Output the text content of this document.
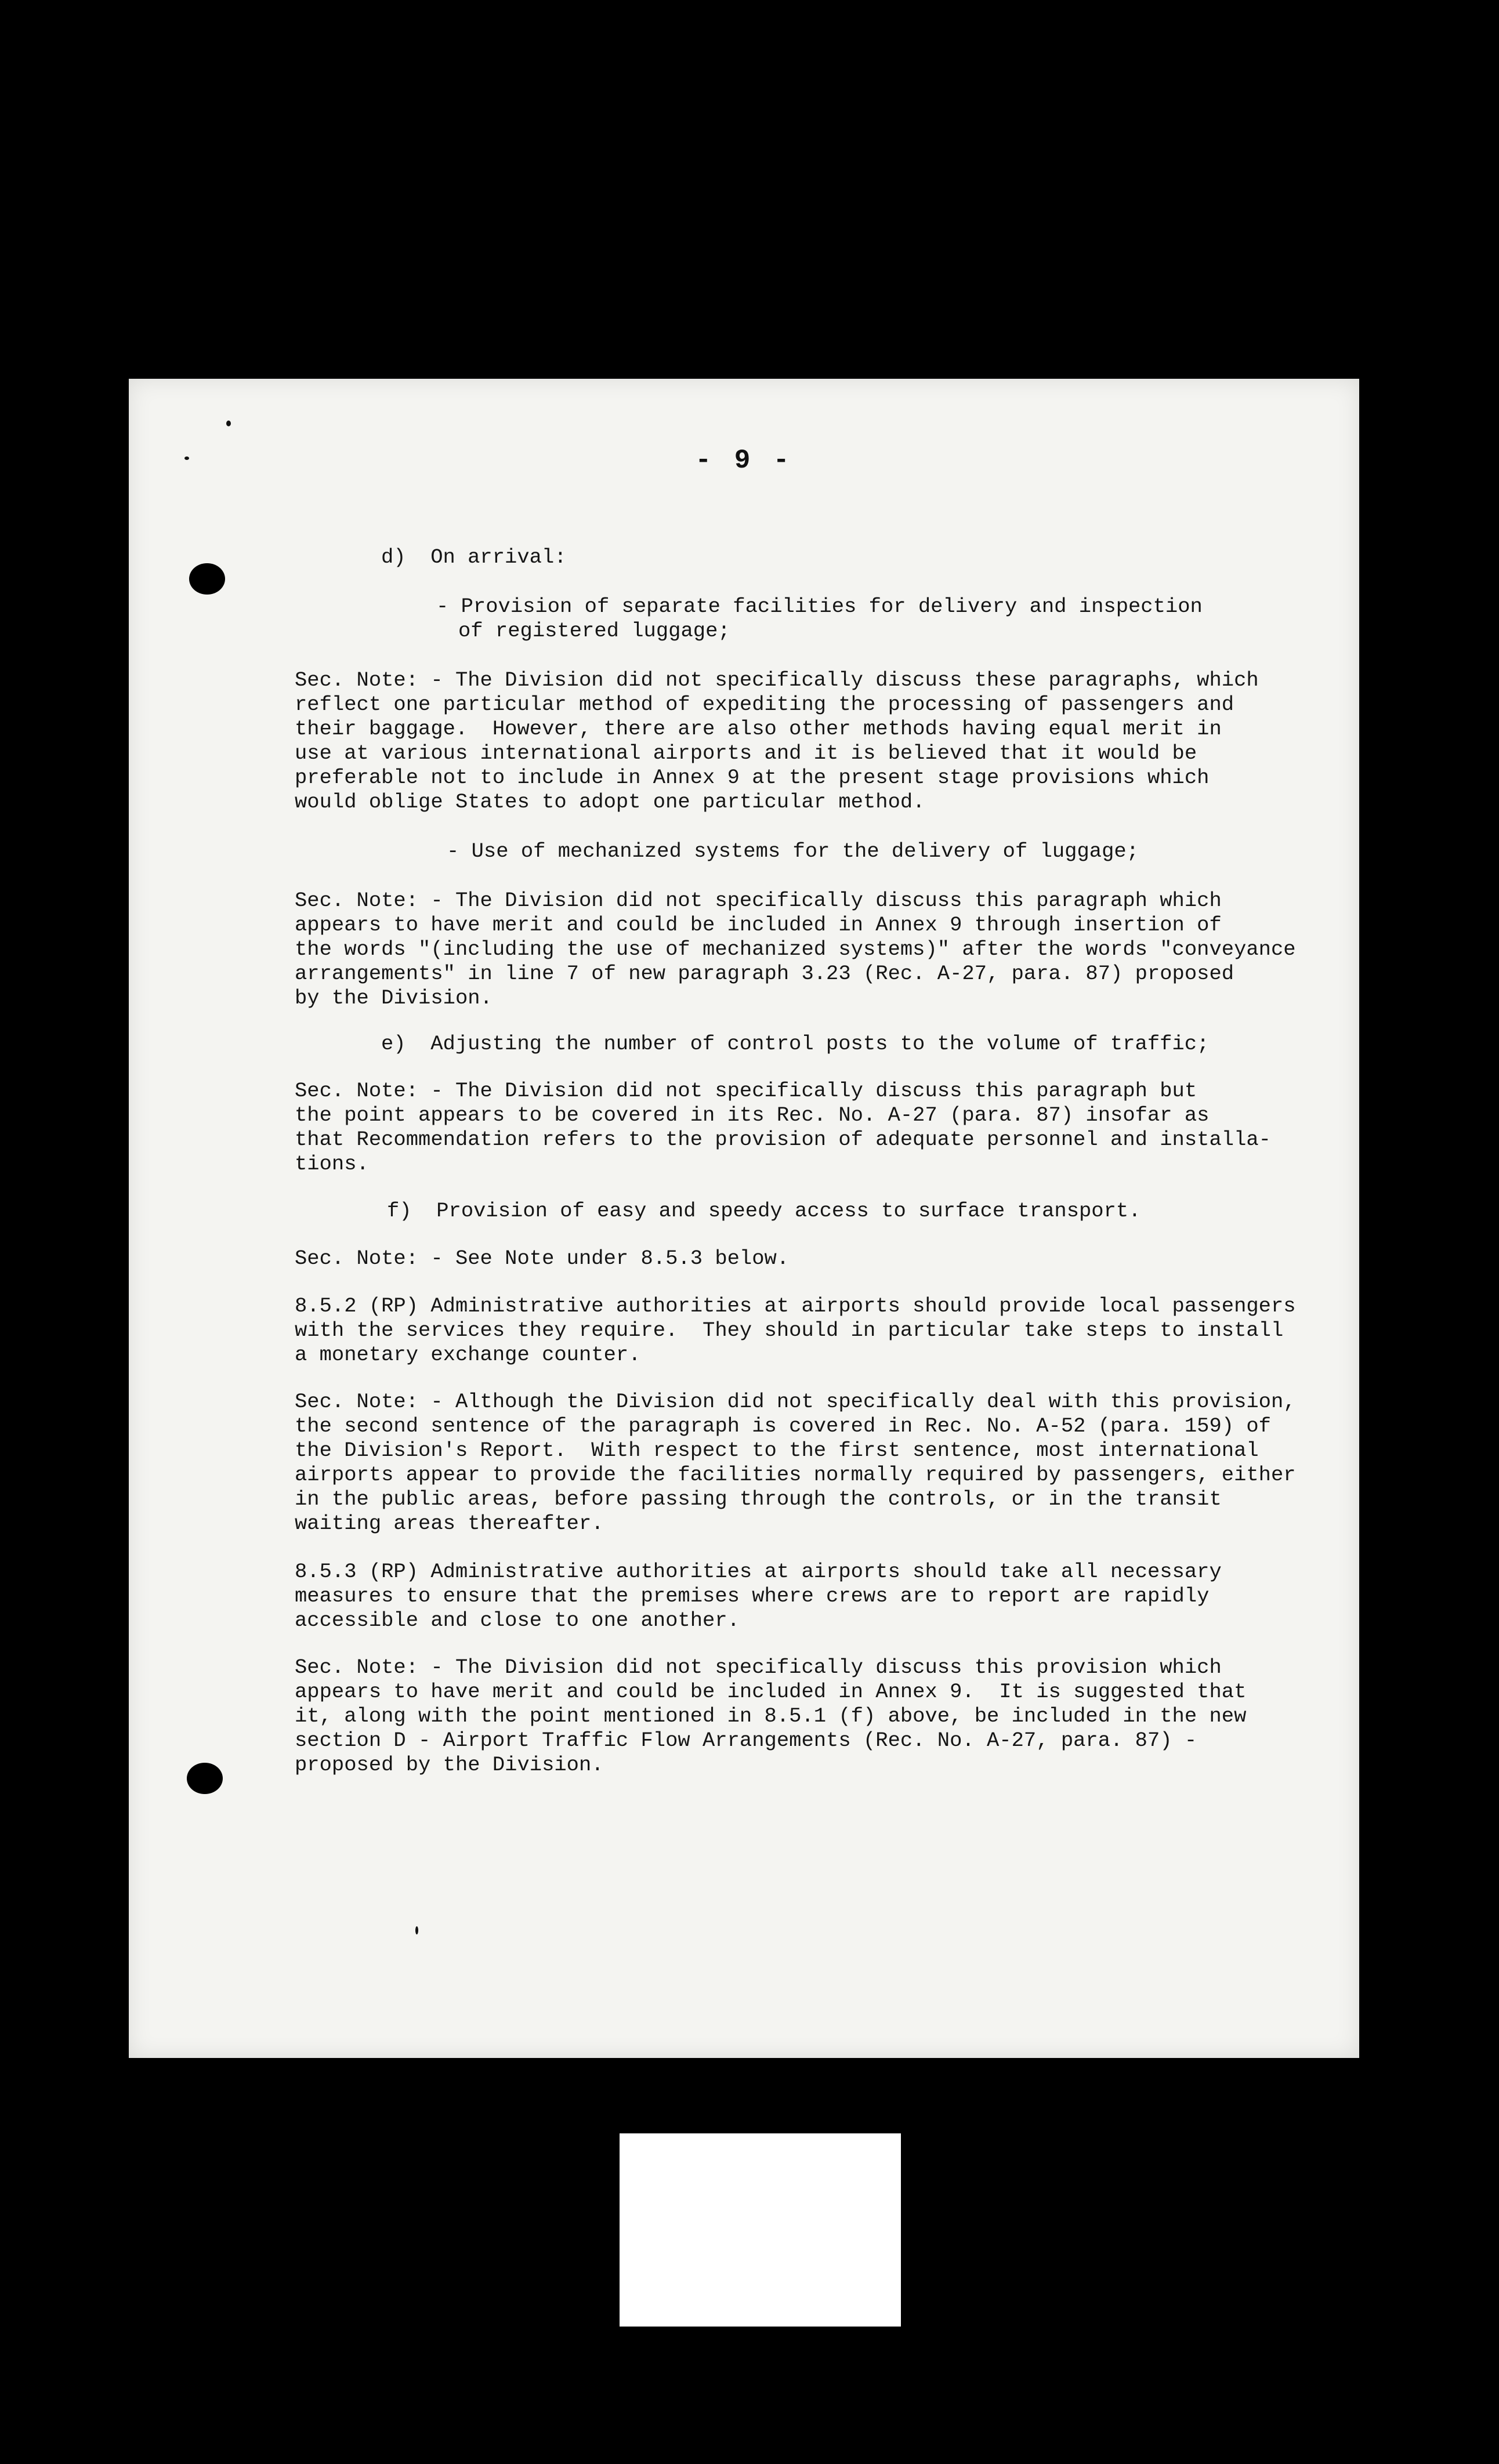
- 9 -

d)  On arrival:

- Provision of separate facilities for delivery and inspection

of registered luggage;

Sec. Note: - The Division did not specifically discuss these paragraphs, which

reflect one particular method of expediting the processing of passengers and

their baggage.  However, there are also other methods having equal merit in

use at various international airports and it is believed that it would be

preferable not to include in Annex 9 at the present stage provisions which

would oblige States to adopt one particular method.

- Use of mechanized systems for the delivery of luggage;

Sec. Note: - The Division did not specifically discuss this paragraph which

appears to have merit and could be included in Annex 9 through insertion of

the words "(including the use of mechanized systems)" after the words "conveyance

arrangements" in line 7 of new paragraph 3.23 (Rec. A-27, para. 87) proposed

by the Division.

e)  Adjusting the number of control posts to the volume of traffic;

Sec. Note: - The Division did not specifically discuss this paragraph but

the point appears to be covered in its Rec. No. A-27 (para. 87) insofar as

that Recommendation refers to the provision of adequate personnel and installa-

tions.

f)  Provision of easy and speedy access to surface transport.

Sec. Note: - See Note under 8.5.3 below.

8.5.2 (RP) Administrative authorities at airports should provide local passengers

with the services they require.  They should in particular take steps to install

a monetary exchange counter.

Sec. Note: - Although the Division did not specifically deal with this provision,

the second sentence of the paragraph is covered in Rec. No. A-52 (para. 159) of

the Division's Report.  With respect to the first sentence, most international

airports appear to provide the facilities normally required by passengers, either

in the public areas, before passing through the controls, or in the transit

waiting areas thereafter.

8.5.3 (RP) Administrative authorities at airports should take all necessary

measures to ensure that the premises where crews are to report are rapidly

accessible and close to one another.

Sec. Note: - The Division did not specifically discuss this provision which

appears to have merit and could be included in Annex 9.  It is suggested that

it, along with the point mentioned in 8.5.1 (f) above, be included in the new

section D - Airport Traffic Flow Arrangements (Rec. No. A-27, para. 87) -

proposed by the Division.
